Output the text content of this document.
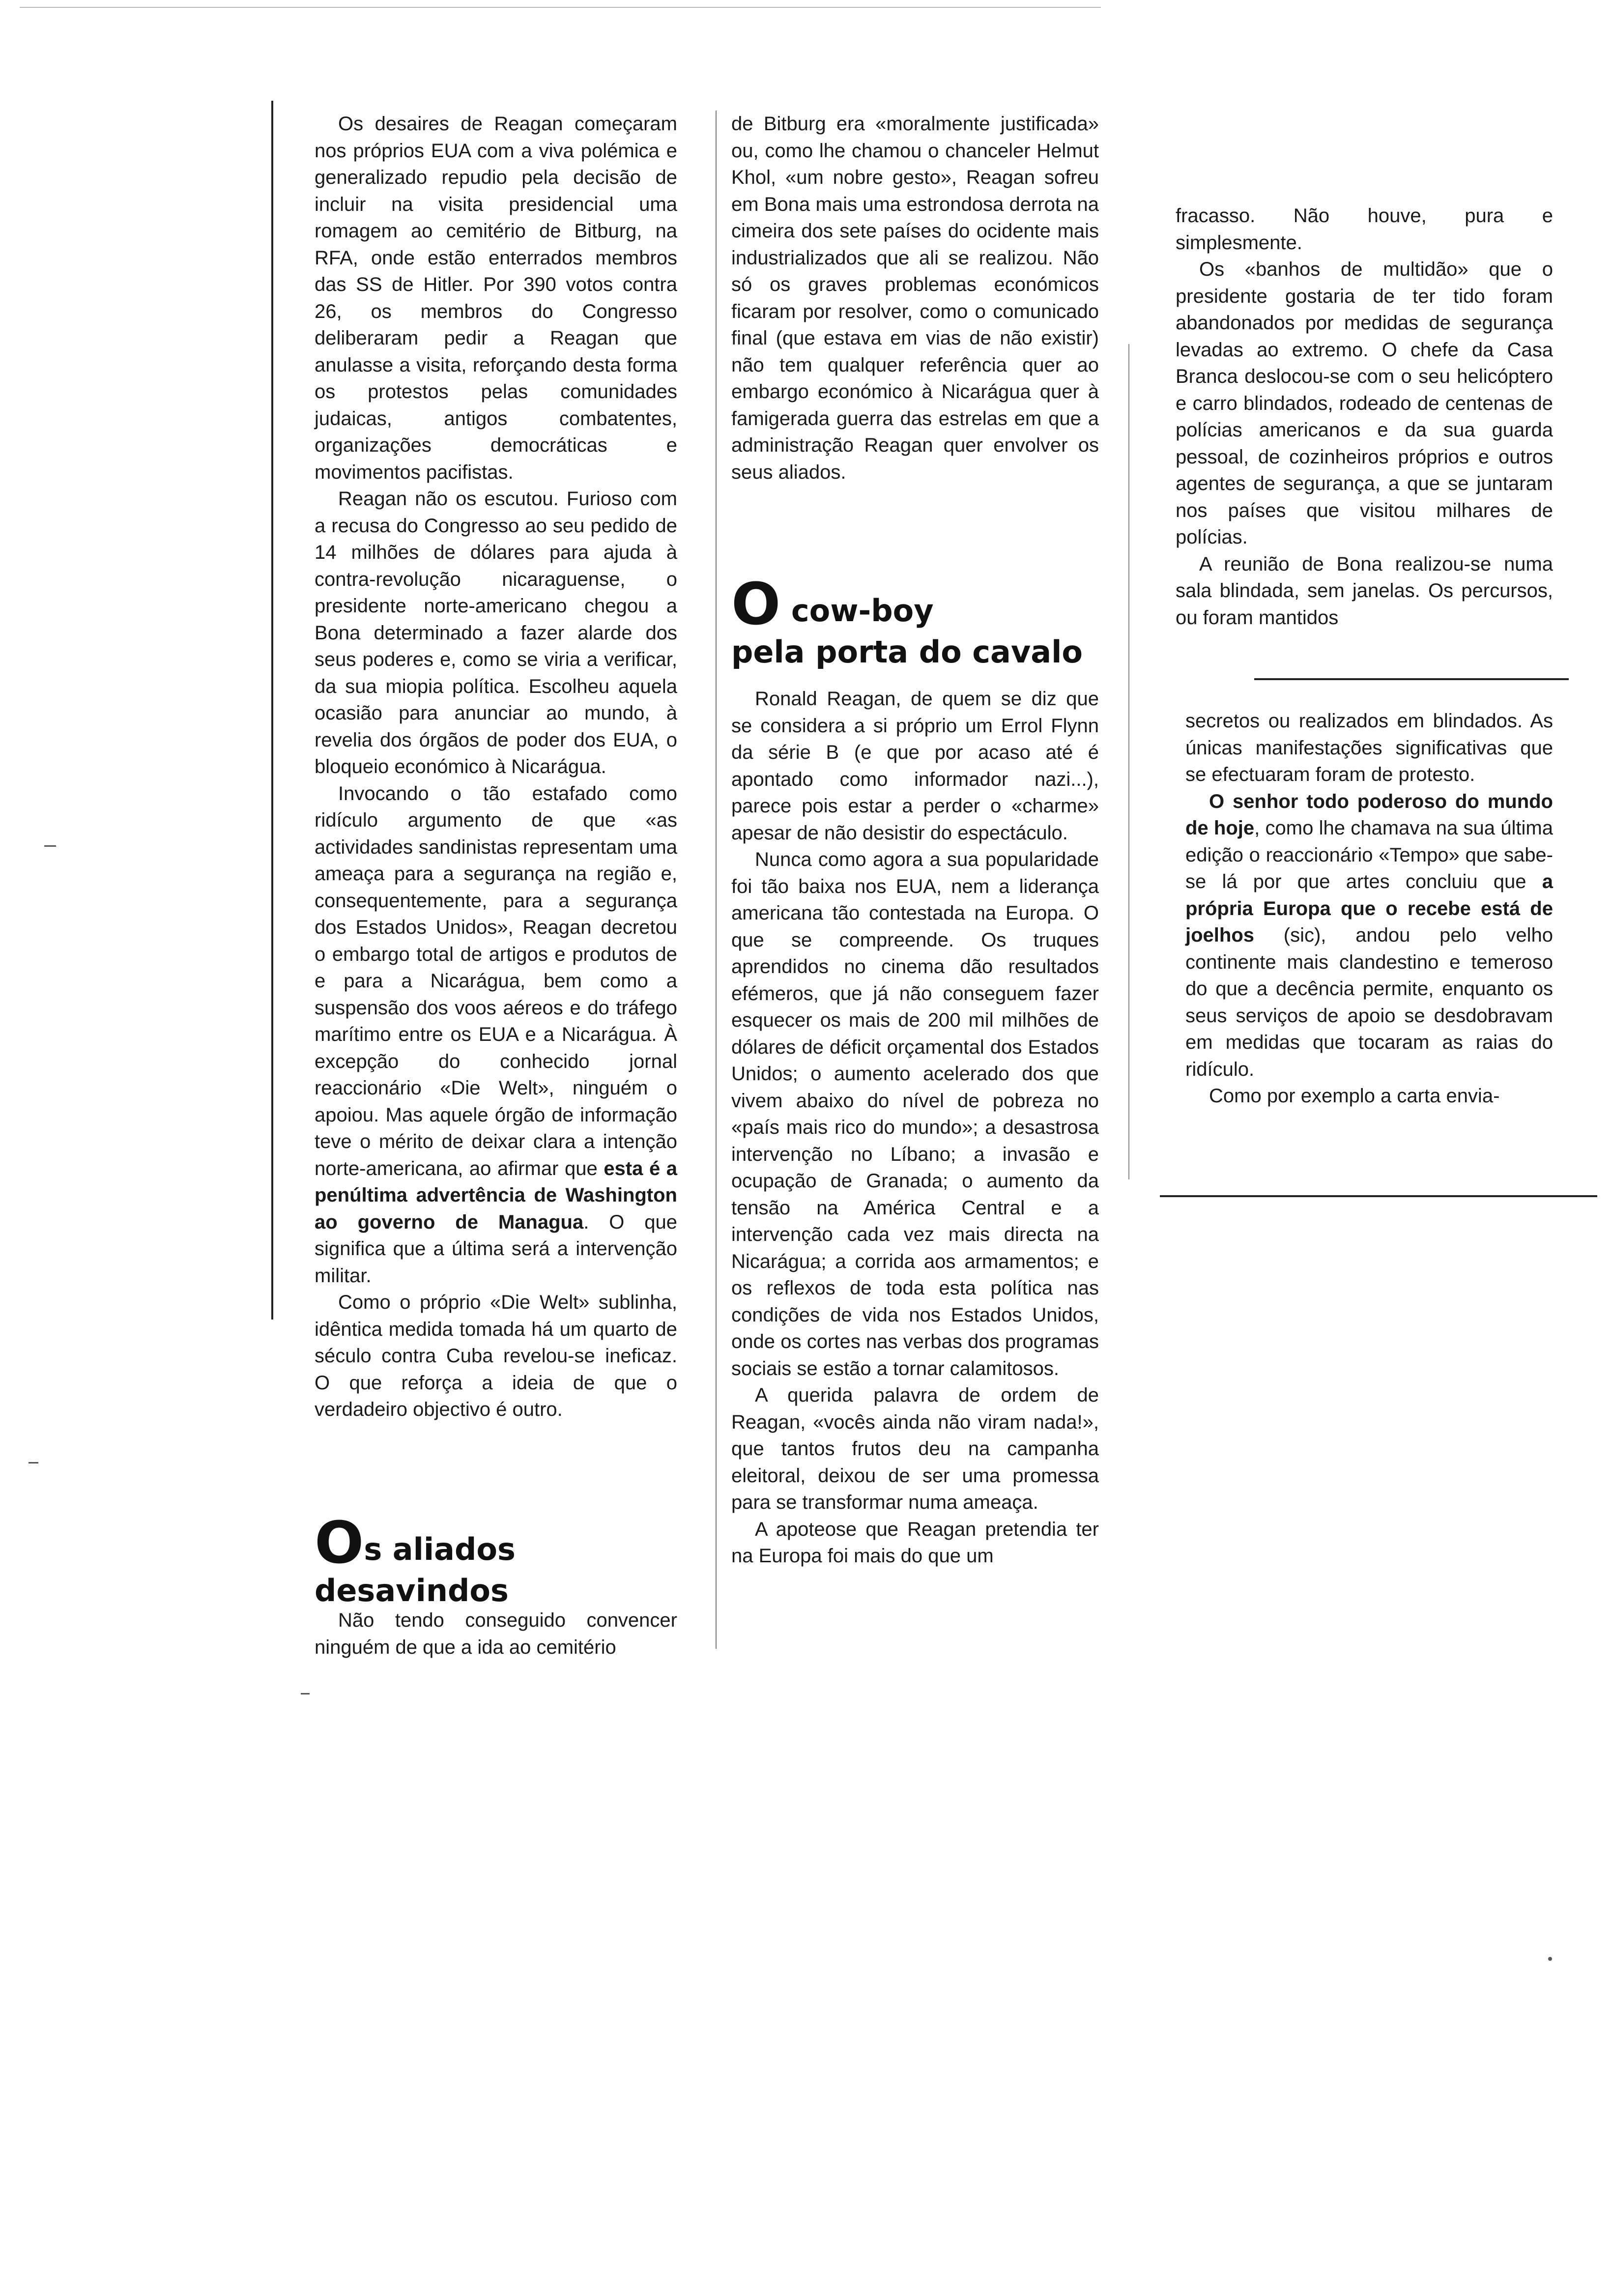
Os desaires de Reagan começaram nos próprios EUA com a viva polémica e generalizado repudio pela decisão de incluir na visita presidencial uma romagem ao cemitério de Bitburg, na RFA, onde estão enterrados membros das SS de Hitler. Por 390 votos contra 26, os membros do Congresso deliberaram pedir a Reagan que anulasse a visita, reforçando desta forma os protestos pelas comunidades judaicas, antigos combatentes, organizações democráticas e movimentos pacifistas.

Reagan não os escutou. Furioso com a recusa do Congresso ao seu pedido de 14 milhões de dólares para ajuda à contra-revolução nicaraguense, o presidente norte-americano chegou a Bona determinado a fazer alarde dos seus poderes e, como se viria a verificar, da sua miopia política. Escolheu aquela ocasião para anunciar ao mundo, à revelia dos órgãos de poder dos EUA, o bloqueio económico à Nicarágua.

Invocando o tão estafado como ridículo argumento de que «as actividades sandinistas representam uma ameaça para a segurança na região e, consequentemente, para a segurança dos Estados Unidos», Reagan decretou o embargo total de artigos e produtos de e para a Nicarágua, bem como a suspensão dos voos aéreos e do tráfego marítimo entre os EUA e a Nicarágua. À excepção do conhecido jornal reaccionário «Die Welt», ninguém o apoiou. Mas aquele órgão de informação teve o mérito de deixar clara a intenção norte-americana, ao afirmar que esta é a penúltima advertência de Washington ao governo de Managua. O que significa que a última será a intervenção militar.

Como o próprio «Die Welt» sublinha, idêntica medida tomada há um quarto de século contra Cuba revelou-se ineficaz. O que reforça a ideia de que o verdadeiro objectivo é outro.

Os aliados
desavindos

Não tendo conseguido convencer ninguém de que a ida ao cemitério

de Bitburg era «moralmente justificada» ou, como lhe chamou o chanceler Helmut Khol, «um nobre gesto», Reagan sofreu em Bona mais uma estrondosa derrota na cimeira dos sete países do ocidente mais industrializados que ali se realizou. Não só os graves problemas económicos ficaram por resolver, como o comunicado final (que estava em vias de não existir) não tem qualquer referência quer ao embargo económico à Nicarágua quer à famigerada guerra das estrelas em que a administração Reagan quer envolver os seus aliados.

O cow-boy
pela porta do cavalo

Ronald Reagan, de quem se diz que se considera a si próprio um Errol Flynn da série B (e que por acaso até é apontado como informador nazi...), parece pois estar a perder o «charme» apesar de não desistir do espectáculo.

Nunca como agora a sua popularidade foi tão baixa nos EUA, nem a liderança americana tão contestada na Europa. O que se compreende. Os truques aprendidos no cinema dão resultados efémeros, que já não conseguem fazer esquecer os mais de 200 mil milhões de dólares de déficit orçamental dos Estados Unidos; o aumento acelerado dos que vivem abaixo do nível de pobreza no «país mais rico do mundo»; a desastrosa intervenção no Líbano; a invasão e ocupação de Granada; o aumento da tensão na América Central e a intervenção cada vez mais directa na Nicarágua; a corrida aos armamentos; e os reflexos de toda esta política nas condições de vida nos Estados Unidos, onde os cortes nas verbas dos programas sociais se estão a tornar calamitosos.

A querida palavra de ordem de Reagan, «vocês ainda não viram nada!», que tantos frutos deu na campanha eleitoral, deixou de ser uma promessa para se transformar numa ameaça.

A apoteose que Reagan pretendia ter na Europa foi mais do que um

fracasso. Não houve, pura e simplesmente.

Os «banhos de multidão» que o presidente gostaria de ter tido foram abandonados por medidas de segurança levadas ao extremo. O chefe da Casa Branca deslocou-se com o seu helicóptero e carro blindados, rodeado de centenas de polícias americanos e da sua guarda pessoal, de cozinheiros próprios e outros agentes de segurança, a que se juntaram nos países que visitou milhares de polícias.

A reunião de Bona realizou-se numa sala blindada, sem janelas. Os percursos, ou foram mantidos

secretos ou realizados em blindados. As únicas manifestações significativas que se efectuaram foram de protesto.

O senhor todo poderoso do mundo de hoje, como lhe chamava na sua última edição o reaccionário «Tempo» que sabe-se lá por que artes concluiu que a própria Europa que o recebe está de joelhos (sic), andou pelo velho continente mais clandestino e temeroso do que a decência permite, enquanto os seus serviços de apoio se desdobravam em medidas que tocaram as raias do ridículo.

Como por exemplo a carta envia-
